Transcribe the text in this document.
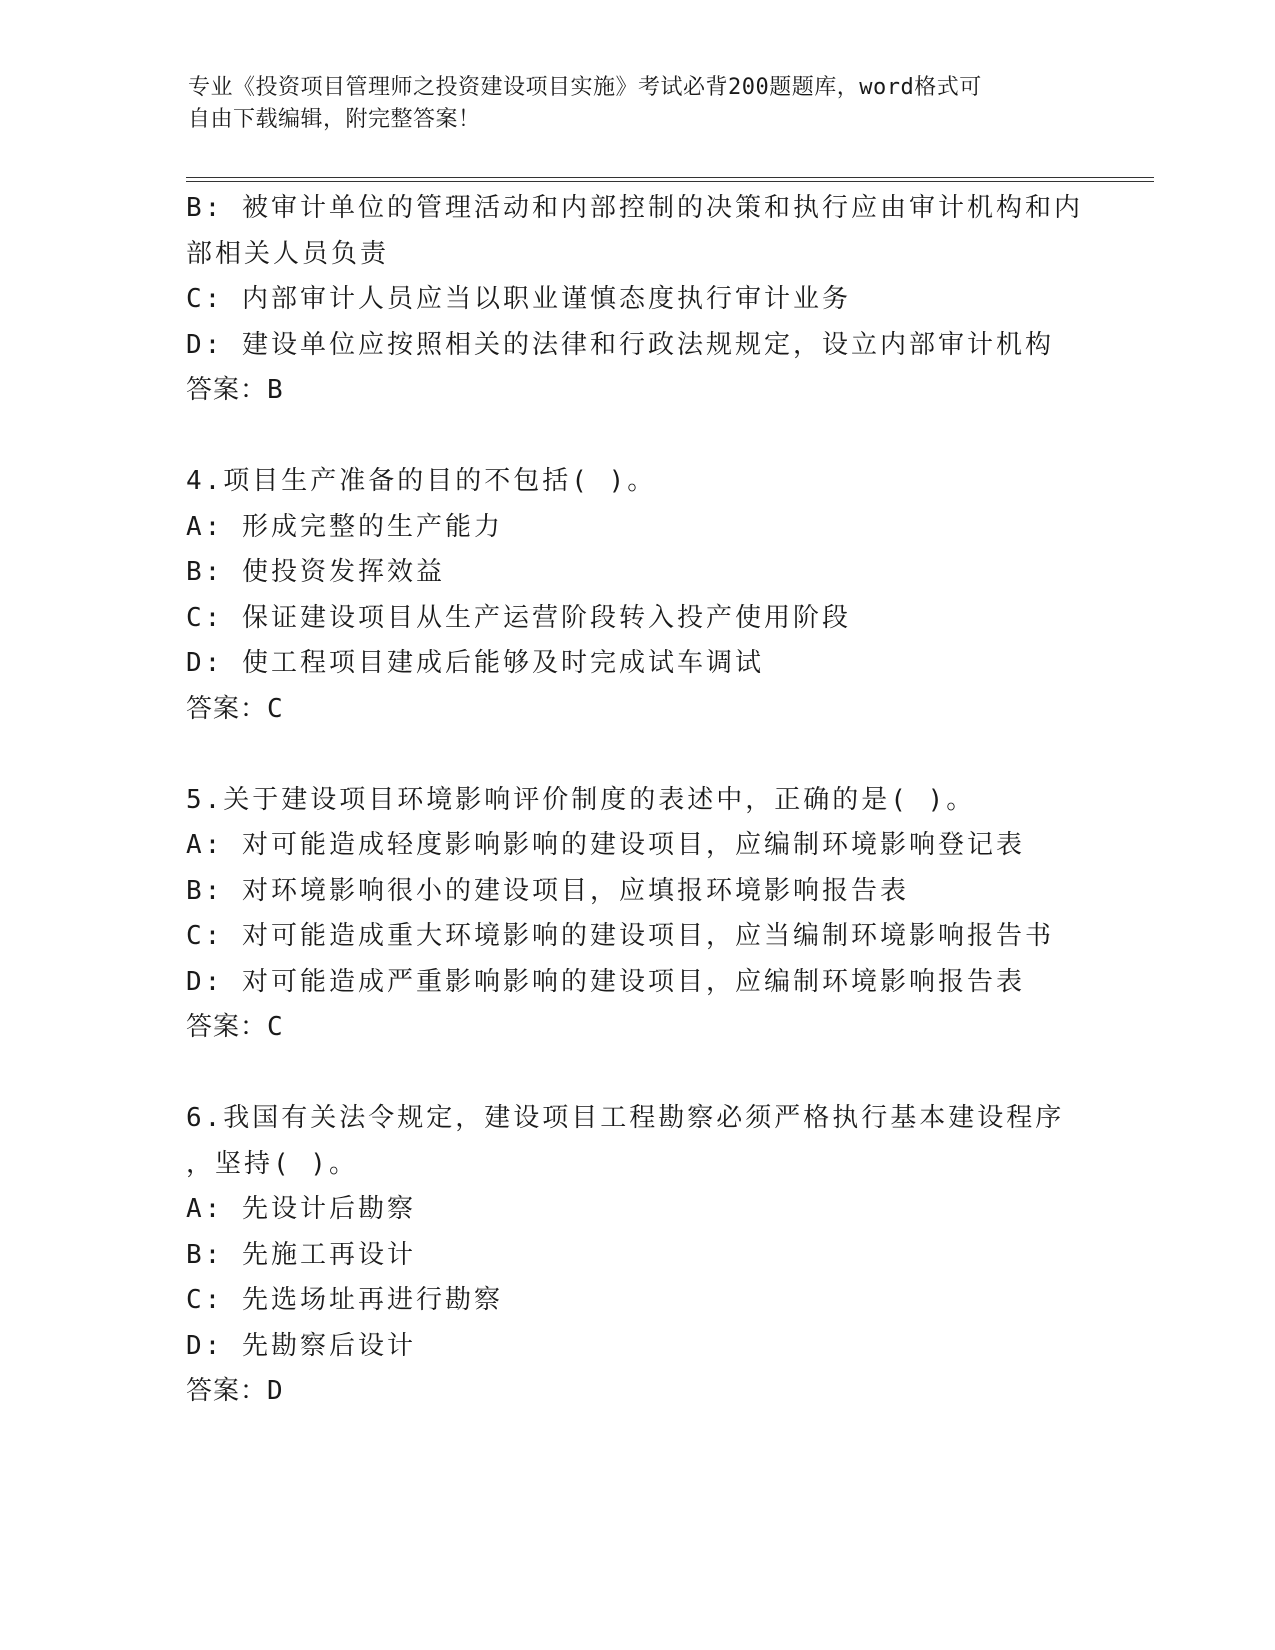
专业《投资项目管理师之投资建设项目实施》考试必背200题题库，word格式可
自由下载编辑，附完整答案！
B: 被审计单位的管理活动和内部控制的决策和执行应由审计机构和内
部相关人员负责
C: 内部审计人员应当以职业谨慎态度执行审计业务
D: 建设单位应按照相关的法律和行政法规规定，设立内部审计机构
答案：B
4.项目生产准备的目的不包括( )。
A: 形成完整的生产能力
B: 使投资发挥效益
C: 保证建设项目从生产运营阶段转入投产使用阶段
D: 使工程项目建成后能够及时完成试车调试
答案：C
5.关于建设项目环境影响评价制度的表述中，正确的是( )。
A: 对可能造成轻度影响影响的建设项目，应编制环境影响登记表
B: 对环境影响很小的建设项目，应填报环境影响报告表
C: 对可能造成重大环境影响的建设项目，应当编制环境影响报告书
D: 对可能造成严重影响影响的建设项目，应编制环境影响报告表
答案：C
6.我国有关法令规定，建设项目工程勘察必须严格执行基本建设程序
，坚持( )。
A: 先设计后勘察
B: 先施工再设计
C: 先选场址再进行勘察
D: 先勘察后设计
答案：D
